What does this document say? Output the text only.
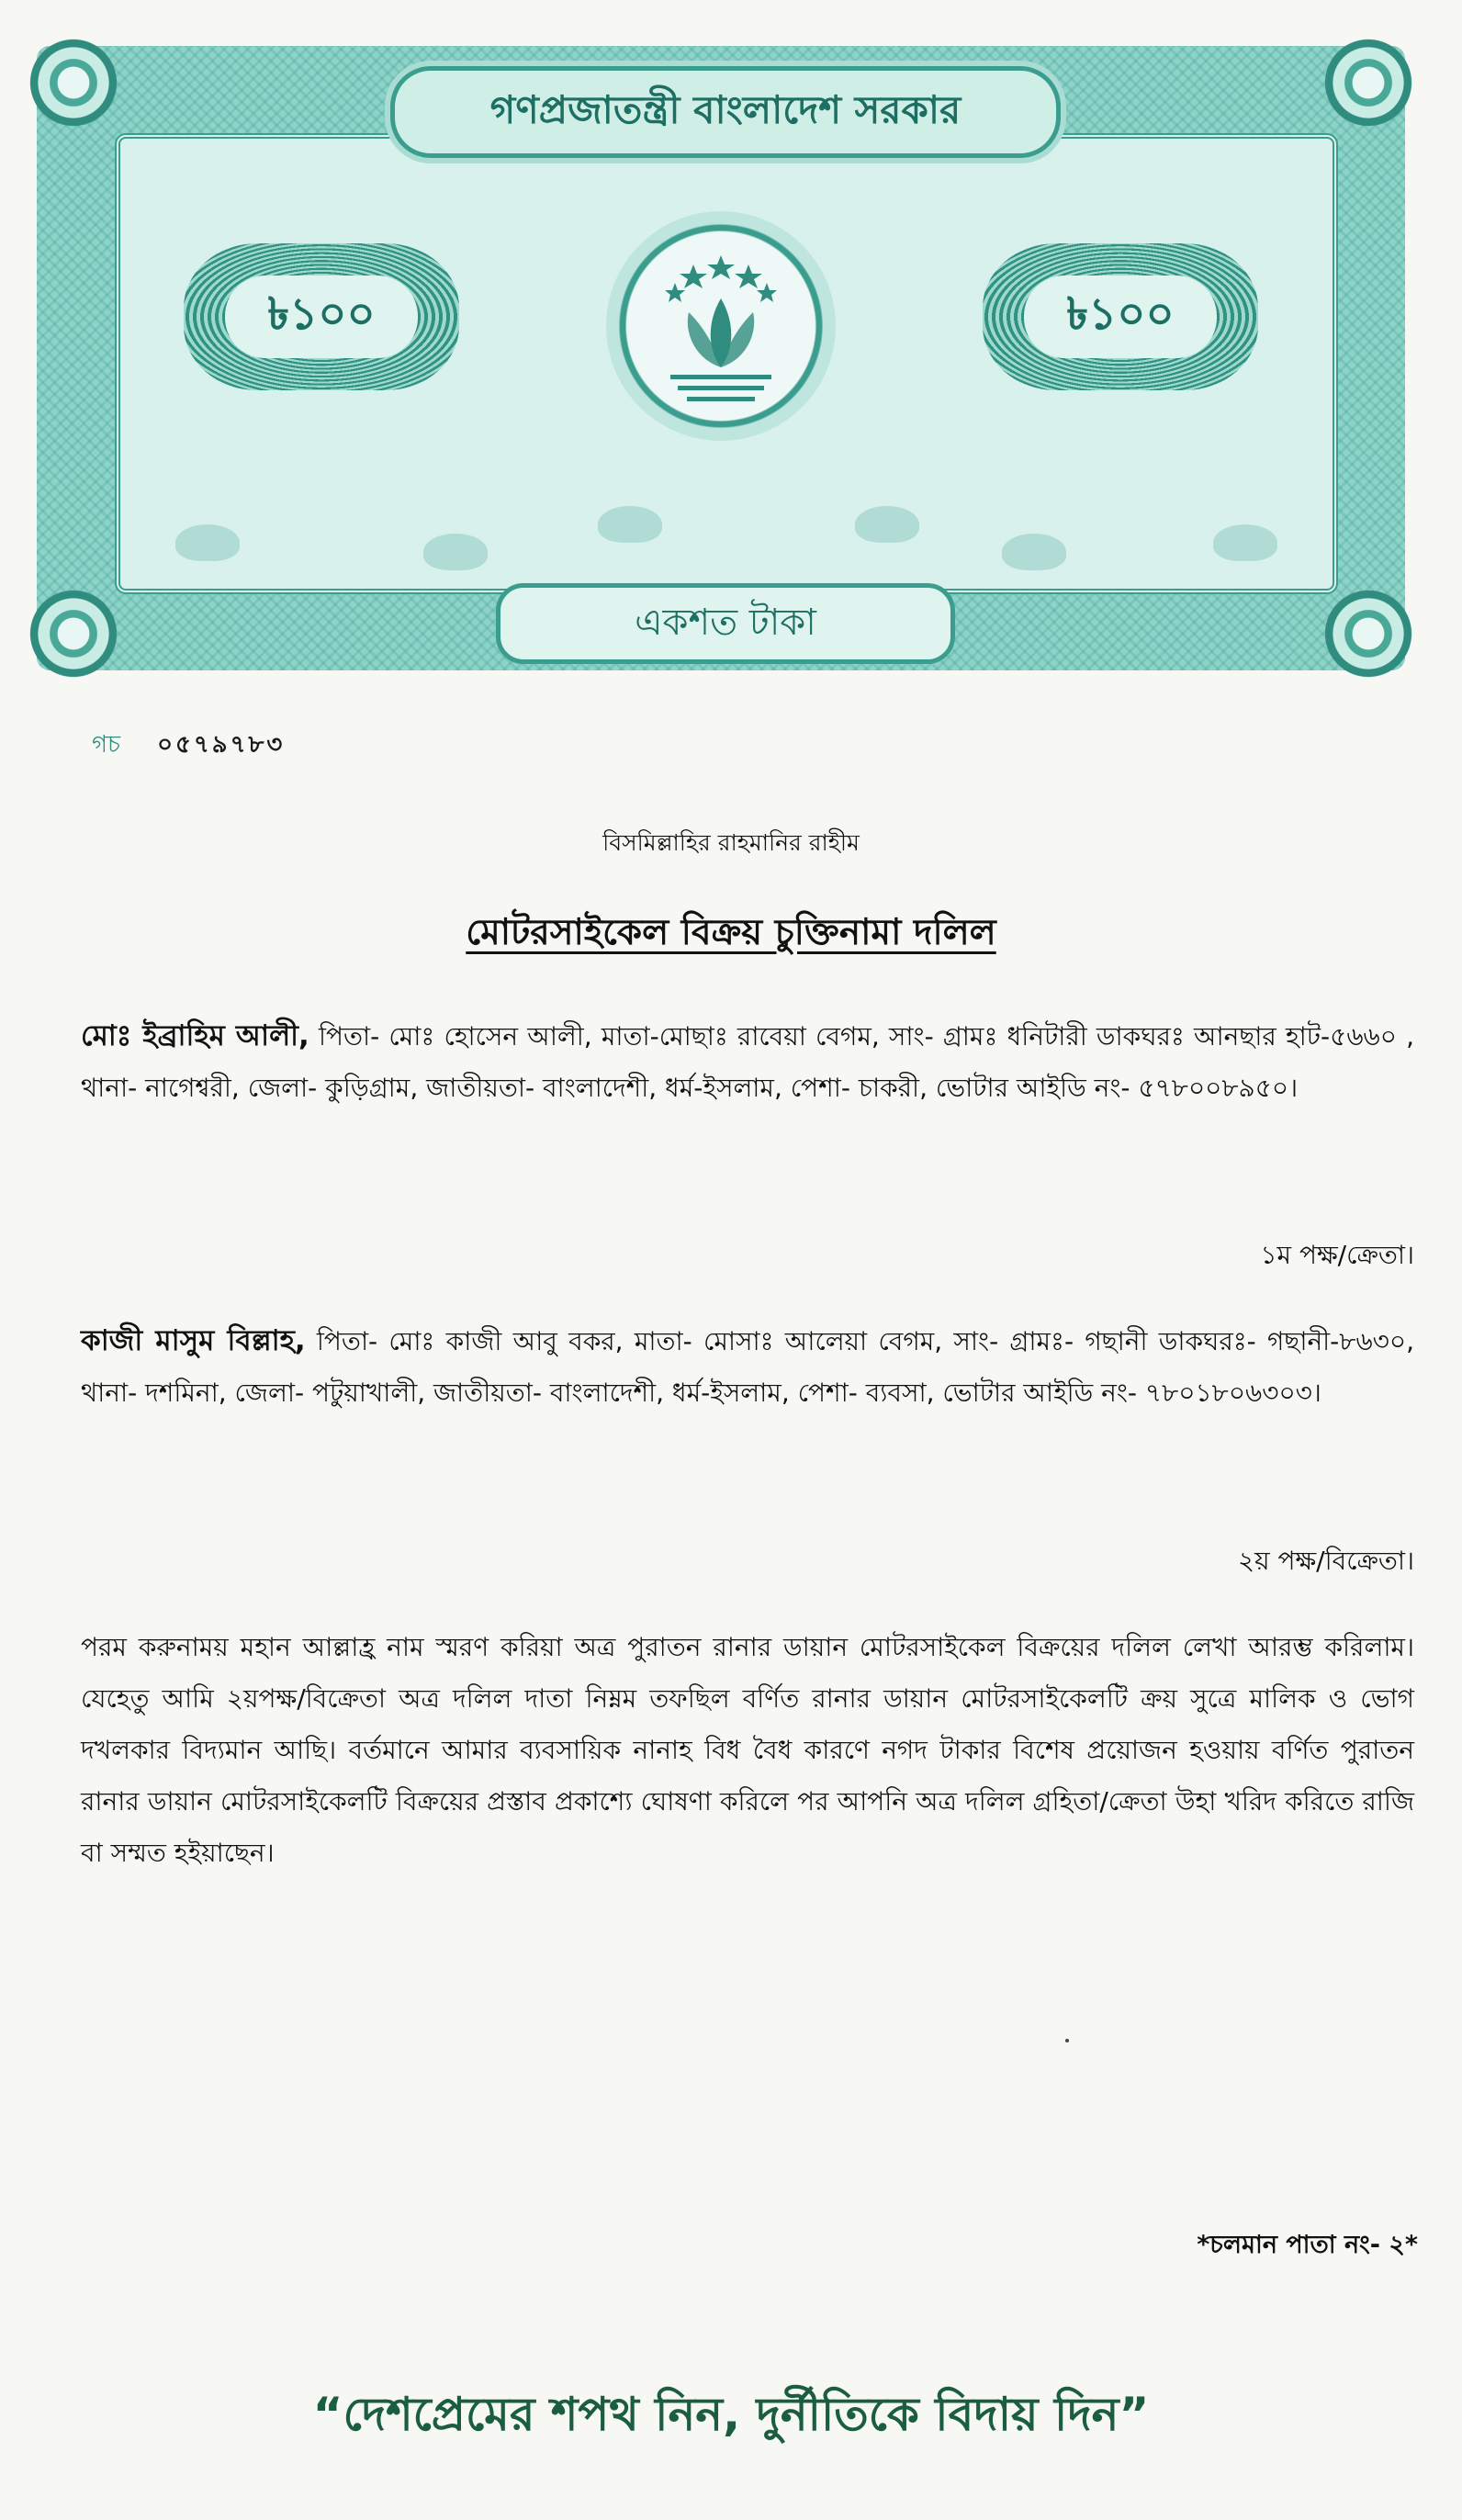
গণপ্রজাতন্ত্রী বাংলাদেশ সরকার
৳১০০	৳১০০
একশত টাকা
গচ ০৫৭৯৭৮৩
বিসমিল্লাহির রাহমানির রাহীম
মোটরসাইকেল বিক্রয় চুক্তিনামা দলিল
মোঃ ইব্রাহিম আলী, পিতা- মোঃ হোসেন আলী, মাতা-মোছাঃ রাবেয়া বেগম, সাং- গ্রামঃ ধনিটারী ডাকঘরঃ আনছার হাট-৫৬৬০ , থানা- নাগেশ্বরী, জেলা- কুড়িগ্রাম, জাতীয়তা- বাংলাদেশী, ধর্ম-ইসলাম, পেশা- চাকরী, ভোটার আইডি নং- ৫৭৮০০৮৯৫০।
১ম পক্ষ/ক্রেতা।
কাজী মাসুম বিল্লাহ, পিতা- মোঃ কাজী আবু বকর, মাতা- মোসাঃ আলেয়া বেগম, সাং- গ্রামঃ- গছানী ডাকঘরঃ- গছানী-৮৬৩০, থানা- দশমিনা, জেলা- পটুয়াখালী, জাতীয়তা- বাংলাদেশী, ধর্ম-ইসলাম, পেশা- ব্যবসা, ভোটার আইডি নং- ৭৮০১৮০৬৩০৩।
২য় পক্ষ/বিক্রেতা।
পরম করুনাময় মহান আল্লাহ্র নাম স্মরণ করিয়া অত্র পুরাতন রানার ডায়ান মোটরসাইকেল বিক্রয়ের দলিল লেখা আরম্ভ করিলাম। যেহেতু আমি ২য়পক্ষ/বিক্রেতা অত্র দলিল দাতা নিম্নম তফছিল বর্ণিত রানার ডায়ান মোটরসাইকেলটি ক্রয় সুত্রে মালিক ও ভোগ দখলকার বিদ্যমান আছি। বর্তমানে আমার ব্যবসায়িক নানাহ বিধ বৈধ কারণে নগদ টাকার বিশেষ প্রয়োজন হওয়ায় বর্ণিত পুরাতন রানার ডায়ান মোটরসাইকেলটি বিক্রয়ের প্রস্তাব প্রকাশ্যে ঘোষণা করিলে পর আপনি অত্র দলিল গ্রহিতা/ক্রেতা উহা খরিদ করিতে রাজি বা সম্মত হইয়াছেন।
*চলমান পাতা নং- ২*
“দেশপ্রেমের শপথ নিন, দুর্নীতিকে বিদায় দিন”
